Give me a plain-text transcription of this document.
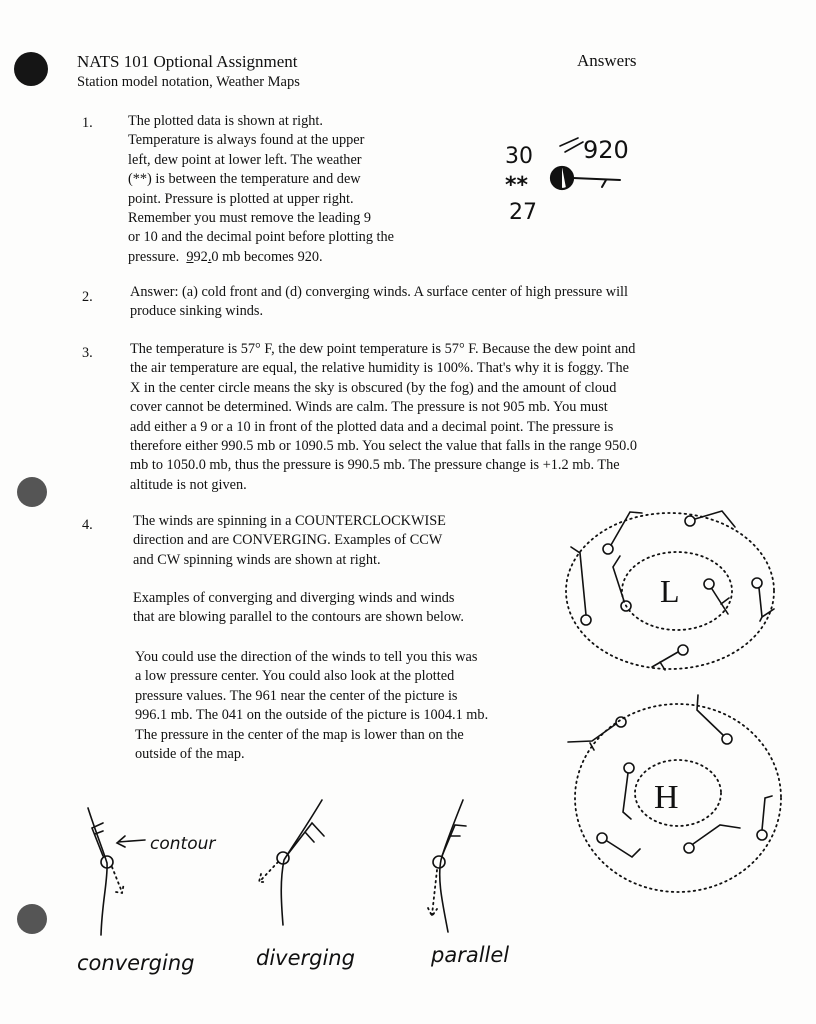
NATS 101 Optional Assignment
Station model notation, Weather Maps
Answers
1. The plotted data is shown at right.
Temperature is always found at the upper
left, dew point at lower left. The weather
(**) is between the temperature and dew
point. Pressure is plotted at upper right.
Remember you must remove the leading 9
or 10 and the decimal point before plotting the
pressure.  992.0 mb becomes 920.
30 920
**
27
2.	Answer: (a) cold front and (d) converging winds. A surface center of high pressure will
produce sinking winds.
3.	The temperature is 57° F, the dew point temperature is 57° F. Because the dew point and
the air temperature are equal, the relative humidity is 100%. That's why it is foggy. The
X in the center circle means the sky is obscured (by the fog) and the amount of cloud
cover cannot be determined. Winds are calm. The pressure is not 905 mb. You must
add either a 9 or a 10 in front of the plotted data and a decimal point. The pressure is
therefore either 990.5 mb or 1090.5 mb. You select the value that falls in the range 950.0
mb to 1050.0 mb, thus the pressure is 990.5 mb. The pressure change is +1.2 mb. The
altitude is not given.
4.	The winds are spinning in a COUNTERCLOCKWISE
direction and are CONVERGING. Examples of CCW
and CW spinning winds are shown at right.
Examples of converging and diverging winds and winds
that are blowing parallel to the contours are shown below.
You could use the direction of the winds to tell you this was
a low pressure center. You could also look at the plotted
pressure values. The 961 near the center of the picture is
996.1 mb. The 041 on the outside of the picture is 1004.1 mb.
The pressure in the center of the map is lower than on the
outside of the map.
L
H
contour
converging	diverging	parallel
